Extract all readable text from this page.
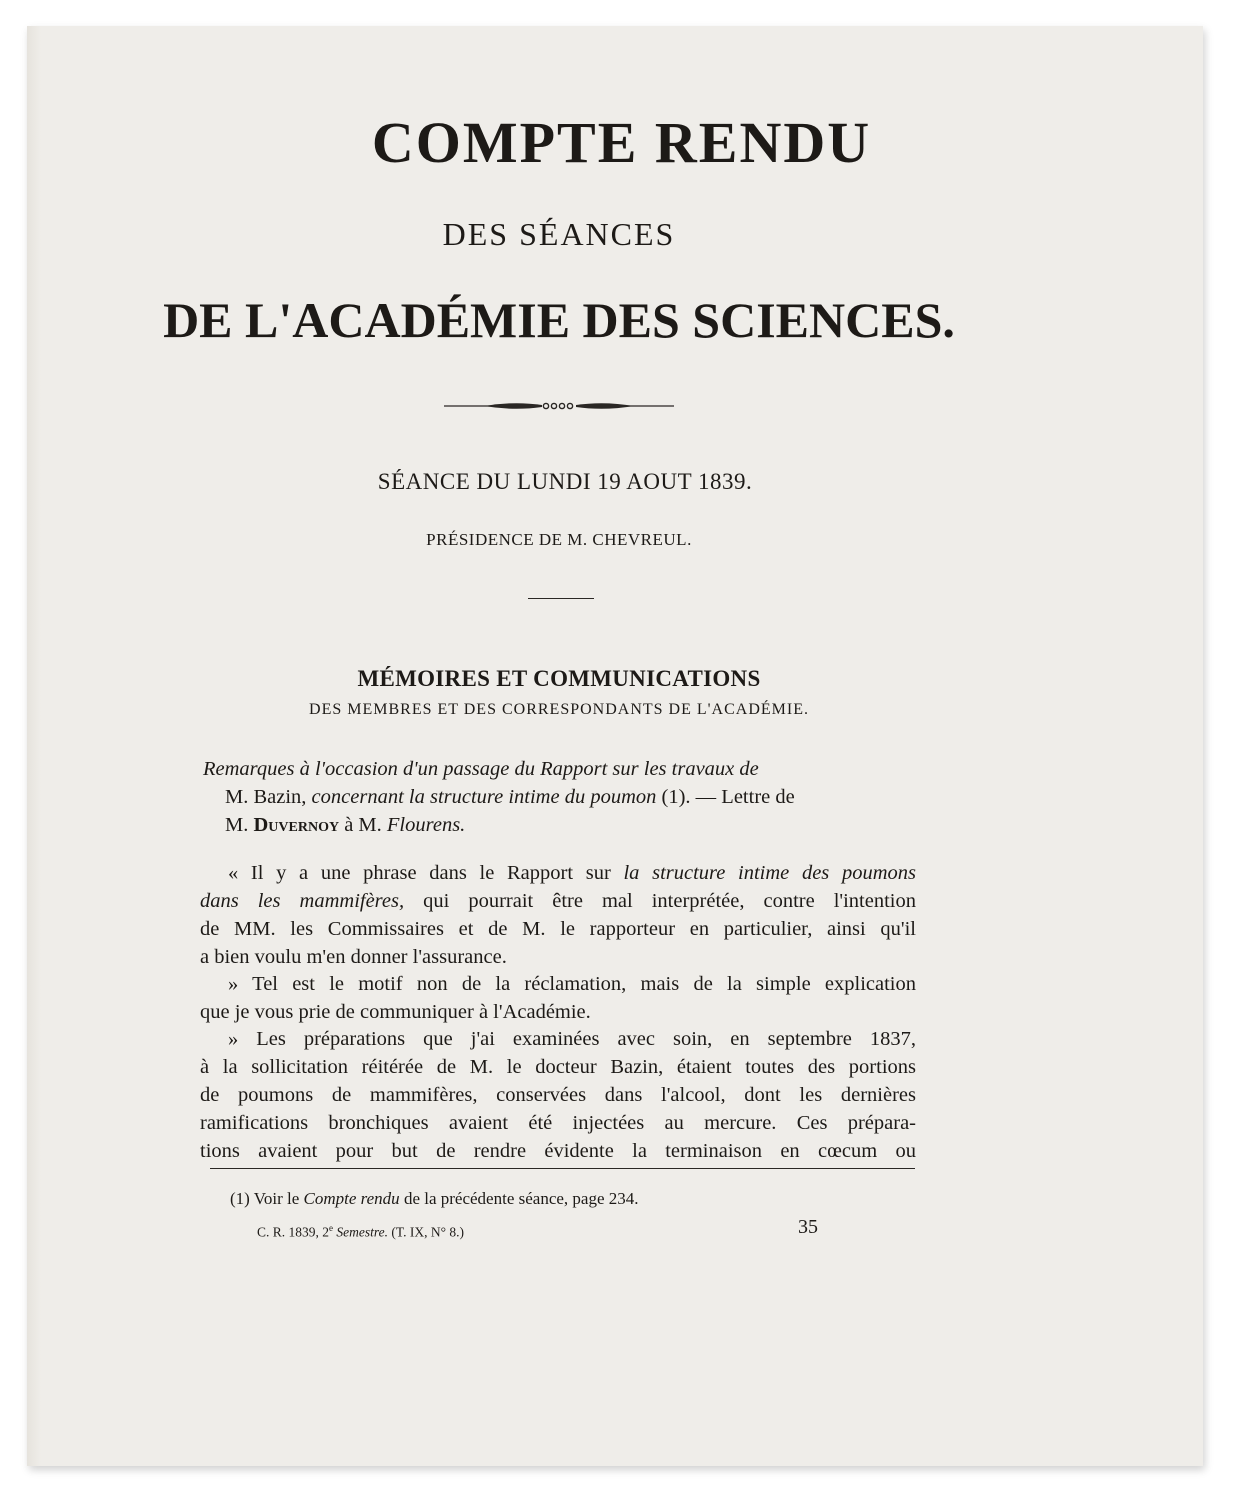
COMPTE RENDU
DES SÉANCES
DE L'ACADÉMIE DES SCIENCES.
SÉANCE DU LUNDI 19 AOUT 1839.
PRÉSIDENCE DE M. CHEVREUL.
MÉMOIRES ET COMMUNICATIONS
DES MEMBRES ET DES CORRESPONDANTS DE L'ACADÉMIE.
Remarques à l'occasion d'un passage du Rapport sur les travaux de
M. Bazin, concernant la structure intime du poumon (1). — Lettre de
M. Duvernoy à M. Flourens.
« Il y a une phrase dans le Rapport sur la structure intime des poumons
dans les mammifères, qui pourrait être mal interprétée, contre l'intention
de MM. les Commissaires et de M. le rapporteur en particulier, ainsi qu'il
a bien voulu m'en donner l'assurance.
» Tel est le motif non de la réclamation, mais de la simple explication
que je vous prie de communiquer à l'Académie.
» Les préparations que j'ai examinées avec soin, en septembre 1837,
à la sollicitation réitérée de M. le docteur Bazin, étaient toutes des portions
de poumons de mammifères, conservées dans l'alcool, dont les dernières
ramifications bronchiques avaient été injectées au mercure. Ces prépara-
tions avaient pour but de rendre évidente la terminaison en cœcum ou
(1) Voir le Compte rendu de la précédente séance, page 234.
C. R. 1839, 2e Semestre. (T. IX, N° 8.)	35
